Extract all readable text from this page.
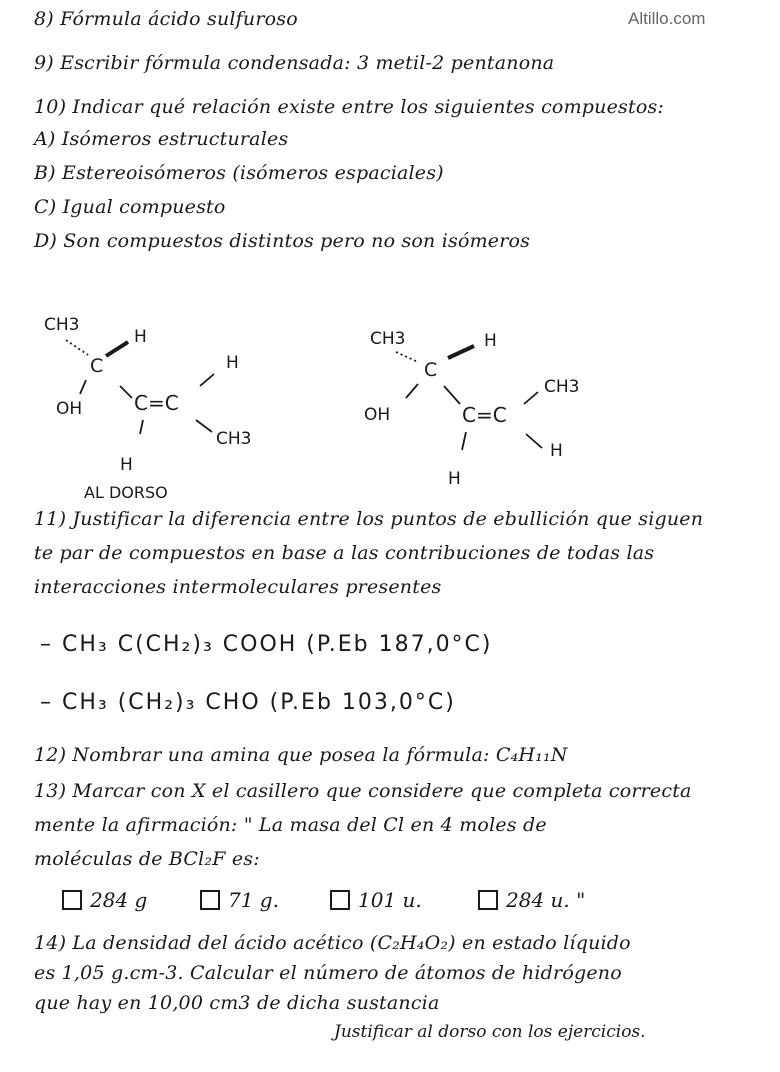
Altillo.com
8) Fórmula ácido sulfuroso
9) Escribir fórmula condensada: 3 metil-2 pentanona
10) Indicar qué relación existe entre los siguientes compuestos:
A) Isómeros estructurales
B) Estereoisómeros (isómeros espaciales)
C) Igual compuesto
D) Son compuestos distintos pero no son isómeros
CH3
H
C	H
OH	C=C
CH3
H
CH3	H
C
CH3
OH	C=C
H
H
AL DORSO
11) Justificar la diferencia entre los puntos de ebullición que siguen
te par de compuestos en base a las contribuciones de todas las
interacciones intermoleculares presentes
– CH₃ C(CH₂)₃ COOH (P.Eb 187,0°C)
– CH₃ (CH₂)₃ CHO (P.Eb 103,0°C)
12) Nombrar una amina que posea la fórmula: C₄H₁₁N
13) Marcar con X el casillero que considere que completa correcta
mente la afirmación: " La masa del Cl en 4 moles de
moléculas de BCl₂F es:
284 g	71 g.	101 u.	284 u. "
14) La densidad del ácido acético (C₂H₄O₂) en estado líquido
es 1,05 g.cm-3. Calcular el número de átomos de hidrógeno
que hay en 10,00 cm3 de dicha sustancia
Justificar al dorso con los ejercicios.
